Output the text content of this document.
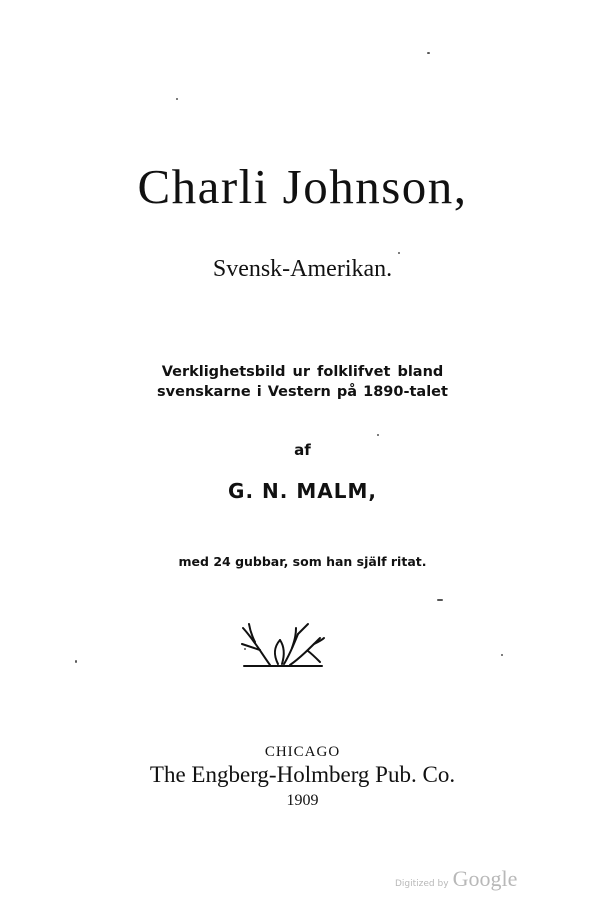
Charli Johnson,
Svensk-Amerikan.
Verklighetsbild ur folklifvet bland
svenskarne i Vestern på 1890-talet
af
G. N. MALM,
med 24 gubbar, som han själf ritat.
CHICAGO
The Engberg-Holmberg Pub. Co.
1909
Digitized by Google
